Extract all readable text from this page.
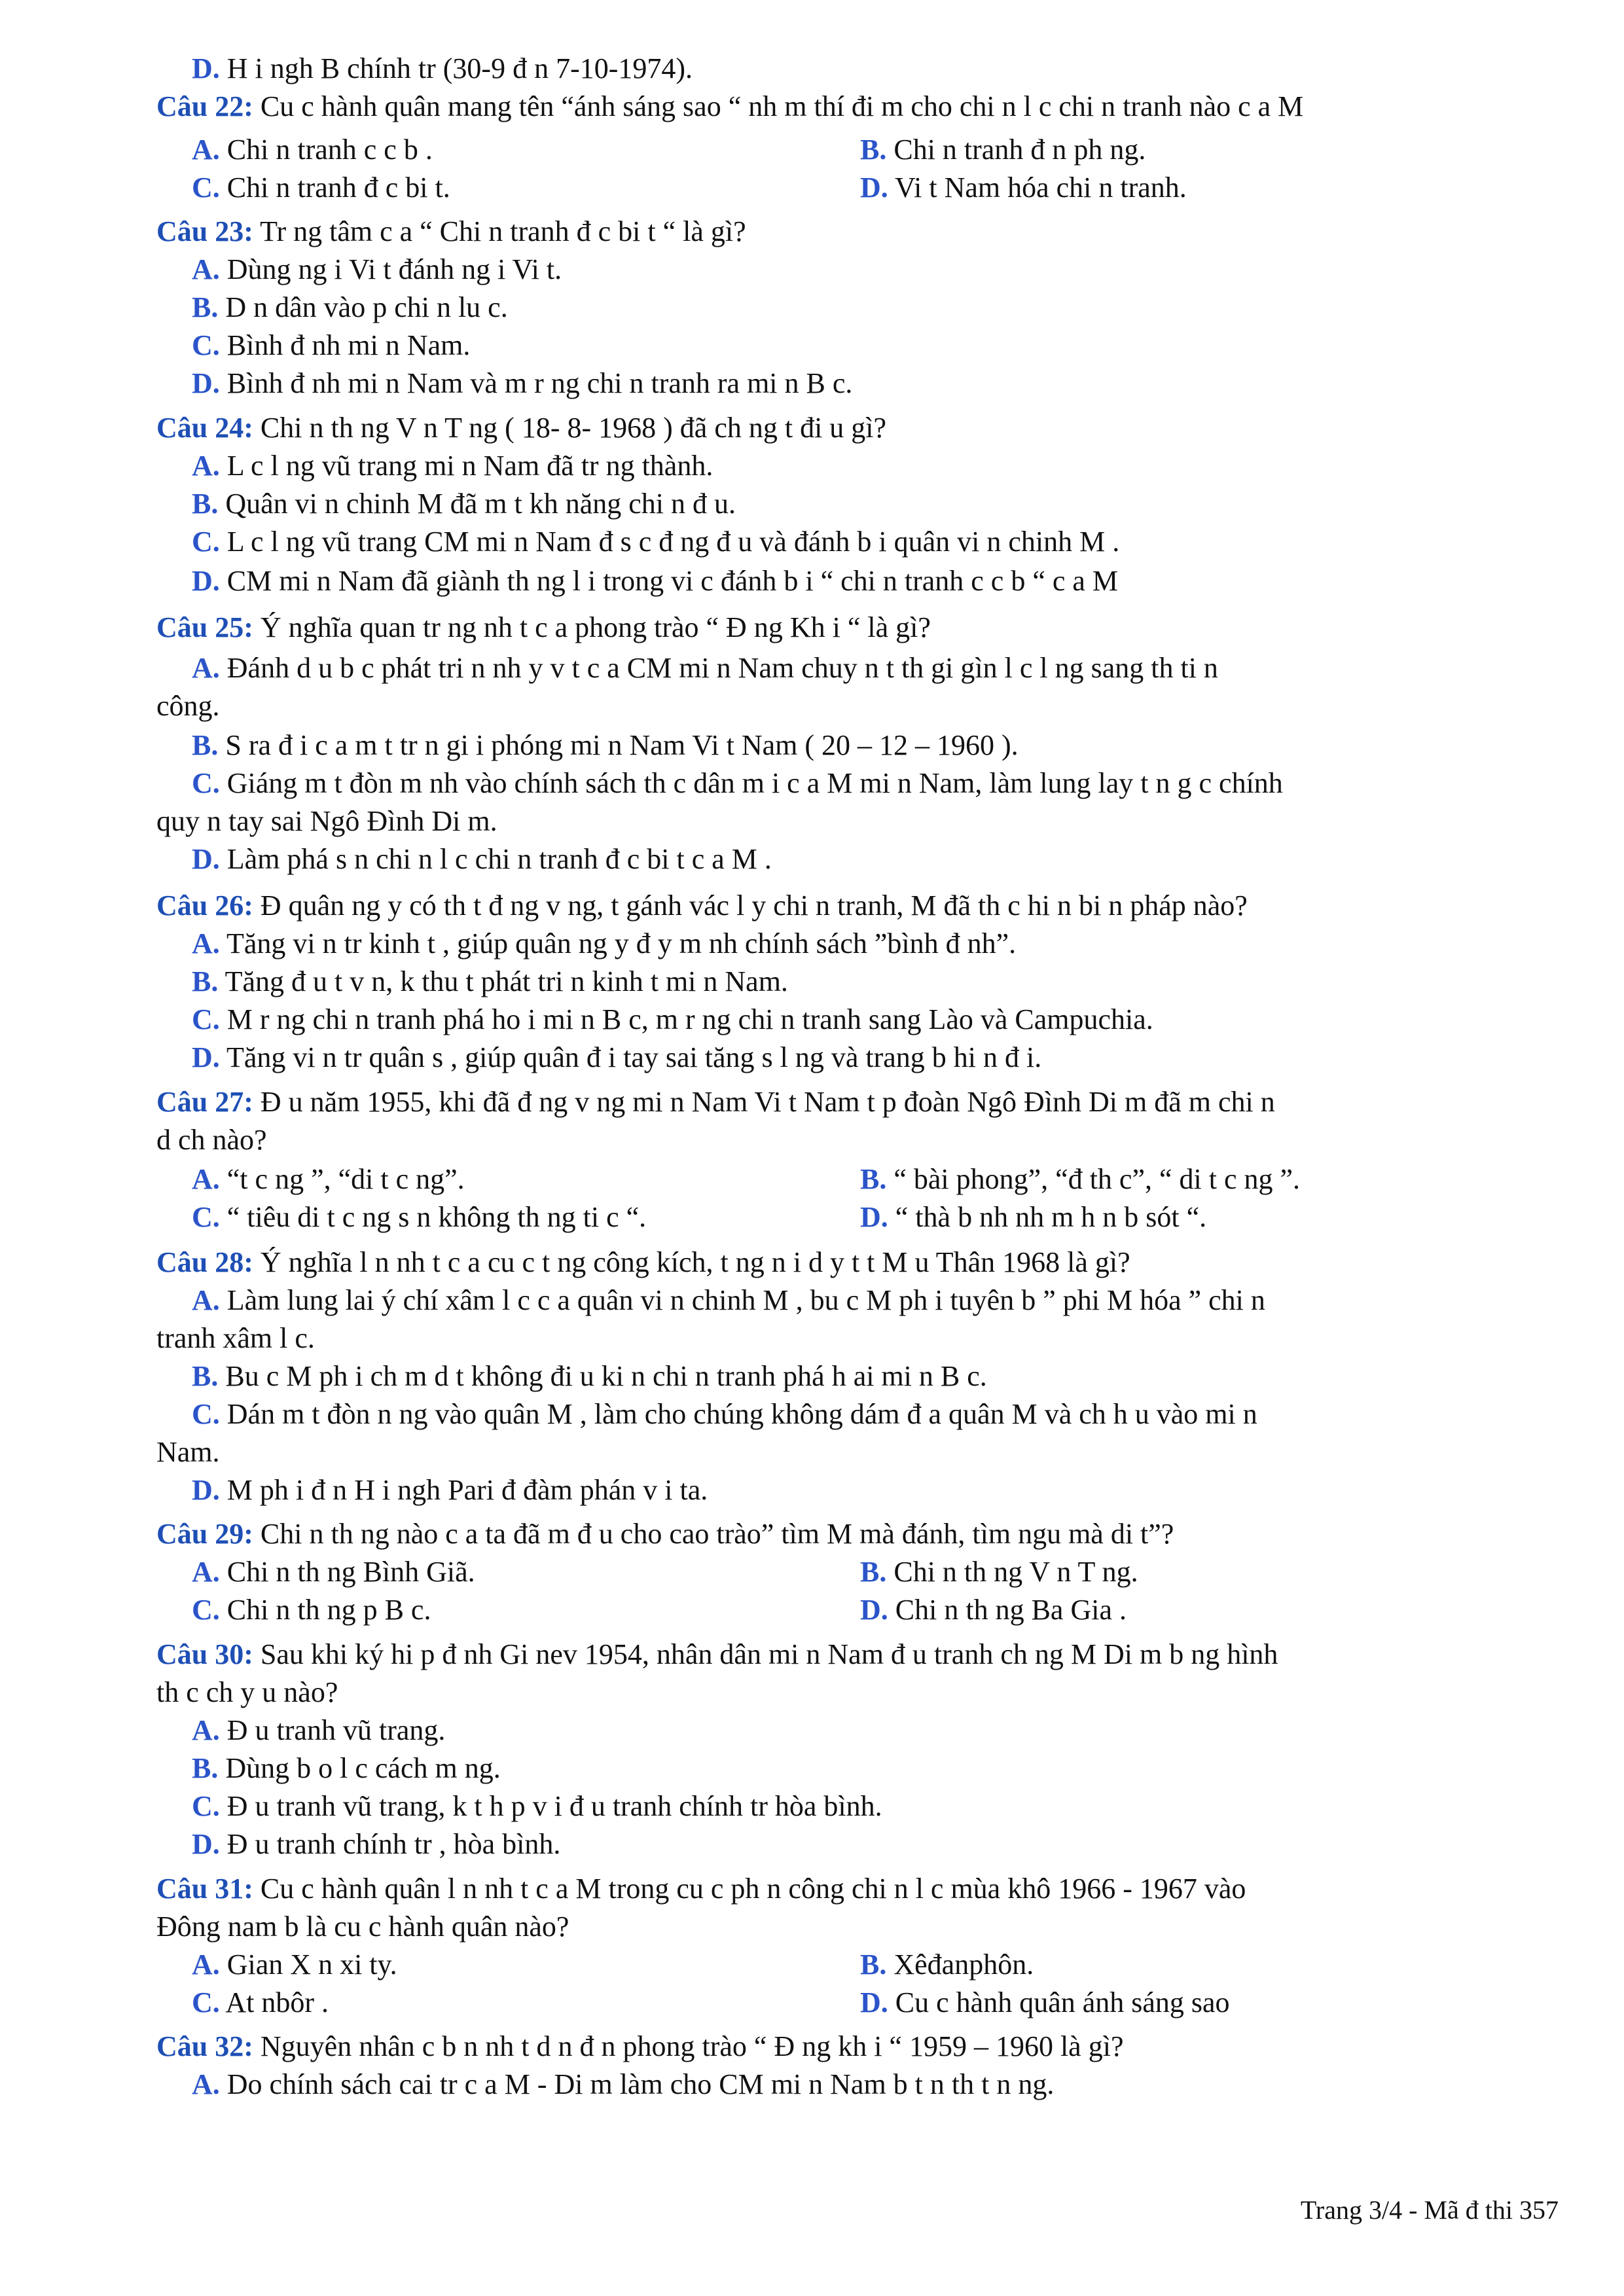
D. H i ngh B chính tr (30-9 đ n 7-10-1974).
Câu 22: Cu c hành quân mang tên “ánh sáng sao “ nh m thí đi m cho chi n l c chi n tranh nào c a M
A. Chi n tranh c c b .	B. Chi n tranh đ n ph ng.
C. Chi n tranh đ c bi t.	D. Vi t Nam hóa chi n tranh.
Câu 23: Tr ng tâm c a “ Chi n tranh đ c bi t “ là gì?
A. Dùng ng i Vi t đánh ng i Vi t.
B. D n dân vào p chi n lu c.
C. Bình đ nh mi n Nam.
D. Bình đ nh mi n Nam và m r ng chi n tranh ra mi n B c.
Câu 24: Chi n th ng V n T ng ( 18- 8- 1968 ) đã ch ng t đi u gì?
A. L c l ng vũ trang mi n Nam đã tr ng thành.
B. Quân vi n chinh M đã m t kh năng chi n đ u.
C. L c l ng vũ trang CM mi n Nam đ s c đ ng đ u và đánh b i quân vi n chinh M .
D. CM mi n Nam đã giành th ng l i trong vi c đánh b i “ chi n tranh c c b “ c a M
Câu 25: Ý nghĩa quan tr ng nh t c a phong trào “ Đ ng Kh i “ là gì?
A. Đánh d u b c phát tri n nh y v t c a CM mi n Nam chuy n t th gi gìn l c l ng sang th ti n
công.
B. S ra đ i c a m t tr n gi i phóng mi n Nam Vi t Nam ( 20 – 12 – 1960 ).
C. Giáng m t đòn m nh vào chính sách th c dân m i c a M mi n Nam, làm lung lay t n g c chính
quy n tay sai Ngô Đình Di m.
D. Làm phá s n chi n l c chi n tranh đ c bi t c a M .
Câu 26: Đ quân ng y có th t đ ng v ng, t gánh vác l y chi n tranh, M đã th c hi n bi n pháp nào?
A. Tăng vi n tr kinh t , giúp quân ng y đ y m nh chính sách ”bình đ nh”.
B. Tăng đ u t v n, k thu t phát tri n kinh t mi n Nam.
C. M r ng chi n tranh phá ho i mi n B c, m r ng chi n tranh sang Lào và Campuchia.
D. Tăng vi n tr quân s , giúp quân đ i tay sai tăng s l ng và trang b hi n đ i.
Câu 27: Đ u năm 1955, khi đã đ ng v ng mi n Nam Vi t Nam t p đoàn Ngô Đình Di m đã m chi n
d ch nào?
A. “t c ng ”, “di t c ng”.	B. “ bài phong”, “đ th c”, “ di t c ng ”.
C. “ tiêu di t c ng s n không th ng ti c “.	D. “ thà b nh nh m h n b sót “.
Câu 28: Ý nghĩa l n nh t c a cu c t ng công kích, t ng n i d y t t M u Thân 1968 là gì?
A. Làm lung lai ý chí xâm l c c a quân vi n chinh M , bu c M ph i tuyên b ” phi M hóa ” chi n
tranh xâm l c.
B. Bu c M ph i ch m d t không đi u ki n chi n tranh phá h ai mi n B c.
C. Dán m t đòn n ng vào quân M , làm cho chúng không dám đ a quân M và ch h u vào mi n
Nam.
D. M ph i đ n H i ngh Pari đ đàm phán v i ta.
Câu 29: Chi n th ng nào c a ta đã m đ u cho cao trào” tìm M mà đánh, tìm ngu mà di t”?
A. Chi n th ng Bình Giã.	B. Chi n th ng V n T ng.
C. Chi n th ng p B c.	D. Chi n th ng Ba Gia .
Câu 30: Sau khi ký hi p đ nh Gi nev 1954, nhân dân mi n Nam đ u tranh ch ng M Di m b ng hình
th c ch y u nào?
A. Đ u tranh vũ trang.
B. Dùng b o l c cách m ng.
C. Đ u tranh vũ trang, k t h p v i đ u tranh chính tr hòa bình.
D. Đ u tranh chính tr , hòa bình.
Câu 31: Cu c hành quân l n nh t c a M trong cu c ph n công chi n l c mùa khô 1966 - 1967 vào
Đông nam b là cu c hành quân nào?
A. Gian X n xi ty.	B. Xêđanphôn.
C. At nbôr .	D. Cu c hành quân ánh sáng sao
Câu 32: Nguyên nhân c b n nh t d n đ n phong trào “ Đ ng kh i “ 1959 – 1960 là gì?
A. Do chính sách cai tr c a M - Di m làm cho CM mi n Nam b t n th t n ng.
Trang 3/4 - Mã đ thi 357
